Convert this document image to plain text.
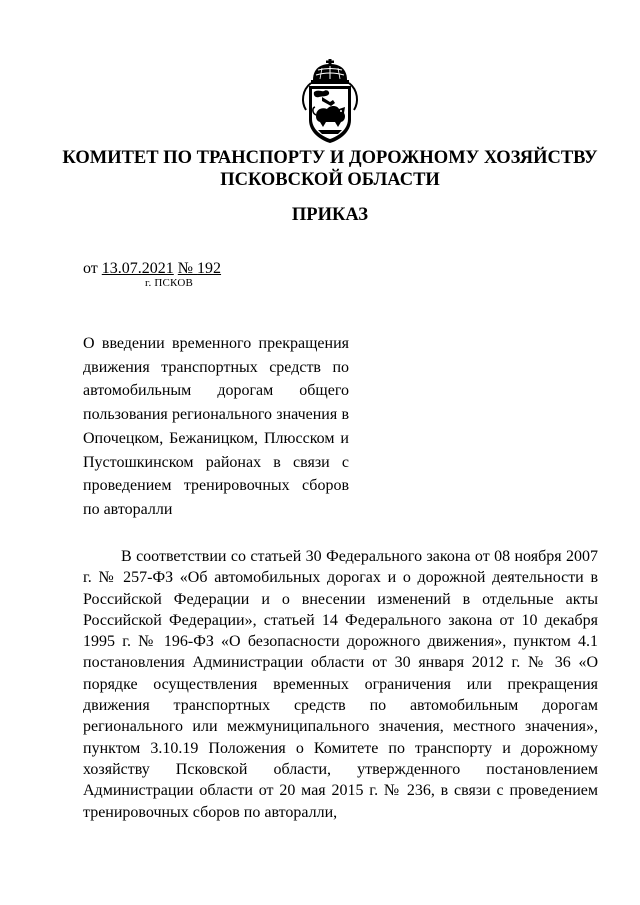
КОМИТЕТ ПО ТРАНСПОРТУ И ДОРОЖНОМУ ХОЗЯЙСТВУ
ПСКОВСКОЙ ОБЛАСТИ
ПРИКАЗ
от 13.07.2021 № 192
г. ПСКОВ
О введении временного прекращения движения транспортных средств по автомобильным дорогам общего пользования регионального значения в Опочецком, Бежаницком, Плюсском и Пустошкинском районах в связи с проведением тренировочных сборов по авторалли
В соответствии со статьей 30 Федерального закона от 08 ноября 2007 г. № 257-ФЗ «Об автомобильных дорогах и о дорожной деятельности в Российской Федерации и о внесении изменений в отдельные акты Российской Федерации», статьей 14 Федерального закона от 10 декабря 1995 г. № 196-ФЗ «О безопасности дорожного движения», пунктом 4.1 постановления Администрации области от 30 января 2012 г. № 36 «О порядке осуществления временных ограничения или прекращения движения транспортных средств по автомобильным дорогам регионального или межмуниципального значения, местного значения», пунктом 3.10.19 Положения о Комитете по транспорту и дорожному хозяйству Псковской области, утвержденного постановлением Администрации области от 20 мая 2015 г. № 236, в связи с проведением тренировочных сборов по авторалли,
